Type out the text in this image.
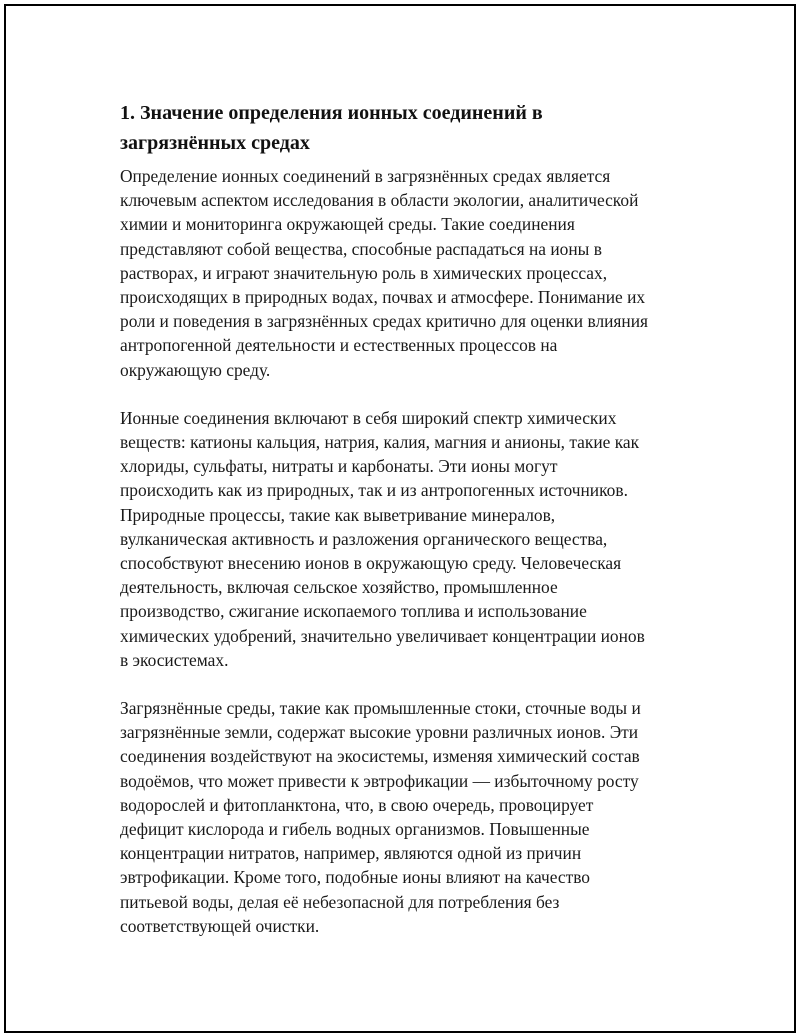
1. Значение определения ионных соединений в
загрязнённых средах

Определение ионных соединений в загрязнённых средах является
ключевым аспектом исследования в области экологии, аналитической
химии и мониторинга окружающей среды. Такие соединения
представляют собой вещества, способные распадаться на ионы в
растворах, и играют значительную роль в химических процессах,
происходящих в природных водах, почвах и атмосфере. Понимание их
роли и поведения в загрязнённых средах критично для оценки влияния
антропогенной деятельности и естественных процессов на
окружающую среду.

Ионные соединения включают в себя широкий спектр химических
веществ: катионы кальция, натрия, калия, магния и анионы, такие как
хлориды, сульфаты, нитраты и карбонаты. Эти ионы могут
происходить как из природных, так и из антропогенных источников.
Природные процессы, такие как выветривание минералов,
вулканическая активность и разложения органического вещества,
способствуют внесению ионов в окружающую среду. Человеческая
деятельность, включая сельское хозяйство, промышленное
производство, сжигание ископаемого топлива и использование
химических удобрений, значительно увеличивает концентрации ионов
в экосистемах.

Загрязнённые среды, такие как промышленные стоки, сточные воды и
загрязнённые земли, содержат высокие уровни различных ионов. Эти
соединения воздействуют на экосистемы, изменяя химический состав
водоёмов, что может привести к эвтрофикации — избыточному росту
водорослей и фитопланктона, что, в свою очередь, провоцирует
дефицит кислорода и гибель водных организмов. Повышенные
концентрации нитратов, например, являются одной из причин
эвтрофикации. Кроме того, подобные ионы влияют на качество
питьевой воды, делая её небезопасной для потребления без
соответствующей очистки.
